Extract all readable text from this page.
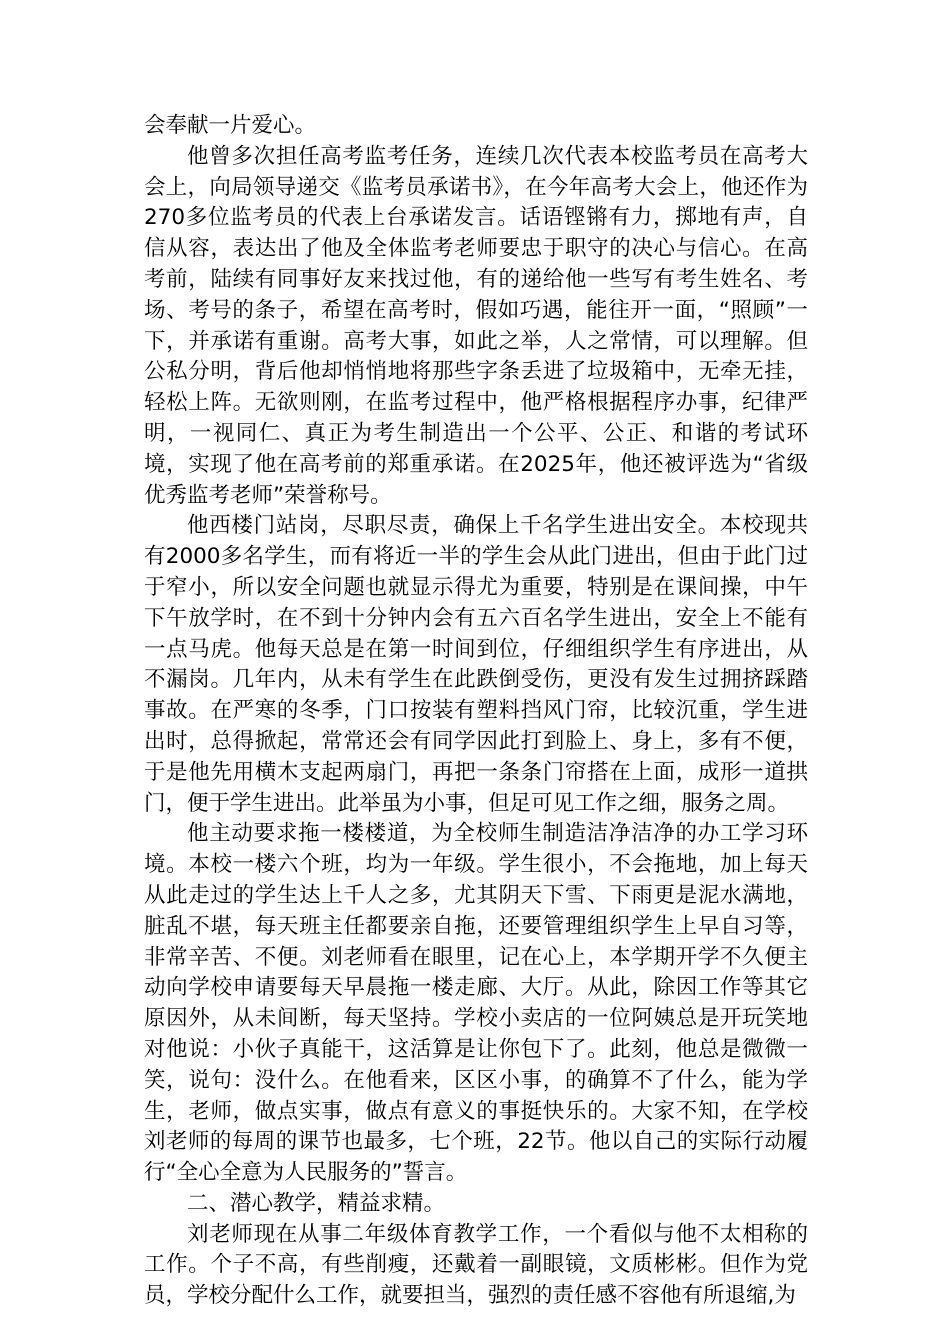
会奉献一片爱心。

他曾多次担任高考监考任务，连续几次代表本校监考员在高考大会上，向局领导递交《监考员承诺书》，在今年高考大会上，他还作为270多位监考员的代表上台承诺发言。话语铿锵有力，掷地有声，自信从容，表达出了他及全体监考老师要忠于职守的决心与信心。在高考前，陆续有同事好友来找过他，有的递给他一些写有考生姓名、考场、考号的条子，希望在高考时，假如巧遇，能往开一面，“照顾”一下，并承诺有重谢。高考大事，如此之举，人之常情，可以理解。但公私分明，背后他却悄悄地将那些字条丢进了垃圾箱中，无牵无挂，轻松上阵。无欲则刚，在监考过程中，他严格根据程序办事，纪律严明，一视同仁、真正为考生制造出一个公平、公正、和谐的考试环境，实现了他在高考前的郑重承诺。在2025年，他还被评选为“省级优秀监考老师”荣誉称号。

他西楼门站岗，尽职尽责，确保上千名学生进出安全。本校现共有2000多名学生，而有将近一半的学生会从此门进出，但由于此门过于窄小，所以安全问题也就显示得尤为重要，特别是在课间操，中午下午放学时，在不到十分钟内会有五六百名学生进出，安全上不能有一点马虎。他每天总是在第一时间到位，仔细组织学生有序进出，从不漏岗。几年内，从未有学生在此跌倒受伤，更没有发生过拥挤踩踏事故。在严寒的冬季，门口按装有塑料挡风门帘，比较沉重，学生进出时，总得掀起，常常还会有同学因此打到脸上、身上，多有不便，于是他先用横木支起两扇门，再把一条条门帘搭在上面，成形一道拱门，便于学生进出。此举虽为小事，但足可见工作之细，服务之周。

他主动要求拖一楼楼道，为全校师生制造洁净洁净的办工学习环境。本校一楼六个班，均为一年级。学生很小，不会拖地，加上每天从此走过的学生达上千人之多，尤其阴天下雪、下雨更是泥水满地，脏乱不堪，每天班主任都要亲自拖，还要管理组织学生上早自习等，非常辛苦、不便。刘老师看在眼里，记在心上，本学期开学不久便主动向学校申请要每天早晨拖一楼走廊、大厅。从此，除因工作等其它原因外，从未间断，每天坚持。学校小卖店的一位阿姨总是开玩笑地对他说：小伙子真能干，这活算是让你包下了。此刻，他总是微微一笑，说句：没什么。在他看来，区区小事，的确算不了什么，能为学生，老师，做点实事，做点有意义的事挺快乐的。大家不知，在学校刘老师的每周的课节也最多，七个班，22节。他以自己的实际行动履行“全心全意为人民服务的”誓言。

二、潜心教学，精益求精。

刘老师现在从事二年级体育教学工作，一个看似与他不太相称的工作。个子不高，有些削瘦，还戴着一副眼镜，文质彬彬。但作为党员，学校分配什么工作，就要担当，强烈的责任感不容他有所退缩,为
